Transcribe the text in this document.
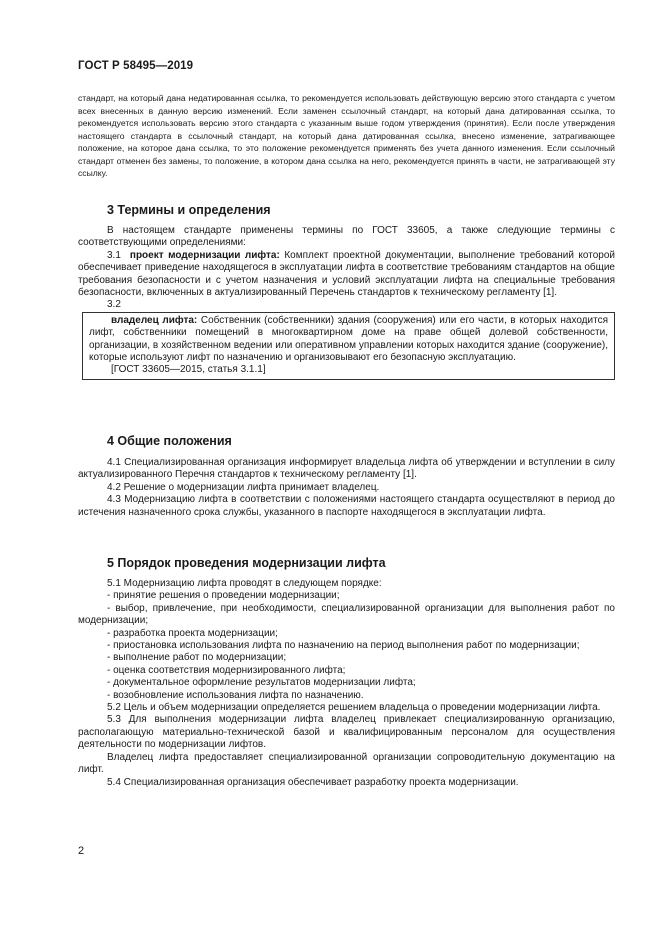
ГОСТ Р 58495—2019

стандарт, на который дана недатированная ссылка, то рекомендуется использовать действующую версию этого стандарта с учетом всех внесенных в данную версию изменений. Если заменен ссылочный стандарт, на который дана датированная ссылка, то рекомендуется использовать версию этого стандарта с указанным выше годом утверждения (принятия). Если после утверждения настоящего стандарта в ссылочный стандарт, на который дана датированная ссылка, внесено изменение, затрагивающее положение, на которое дана ссылка, то это положение рекомендуется применять без учета данного изменения. Если ссылочный стандарт отменен без замены, то положение, в котором дана ссылка на него, рекомендуется принять в части, не затрагивающей эту ссылку.

3 Термины и определения

В настоящем стандарте применены термины по ГОСТ 33605, а также следующие термины с соответствующими определениями:

3.1 проект модернизации лифта: Комплект проектной документации, выполнение требований которой обеспечивает приведение находящегося в эксплуатации лифта в соответствие требованиям стандартов на общие требования безопасности и с учетом назначения и условий эксплуатации лифта на специальные требования безопасности, включенных в актуализированный Перечень стандартов к техническому регламенту [1].

3.2

владелец лифта: Собственник (собственники) здания (сооружения) или его части, в которых находится лифт, собственники помещений в многоквартирном доме на праве общей долевой собственности, организации, в хозяйственном ведении или оперативном управлении которых находится здание (сооружение), которые используют лифт по назначению и организовывают его безопасную эксплуатацию.

[ГОСТ 33605—2015, статья 3.1.1]

4 Общие положения

4.1 Специализированная организация информирует владельца лифта об утверждении и вступлении в силу актуализированного Перечня стандартов к техническому регламенту [1].

4.2 Решение о модернизации лифта принимает владелец.

4.3 Модернизацию лифта в соответствии с положениями настоящего стандарта осуществляют в период до истечения назначенного срока службы, указанного в паспорте находящегося в эксплуатации лифта.

5 Порядок проведения модернизации лифта

5.1 Модернизацию лифта проводят в следующем порядке:

- принятие решения о проведении модернизации;

- выбор, привлечение, при необходимости, специализированной организации для выполнения работ по модернизации;

- разработка проекта модернизации;

- приостановка использования лифта по назначению на период выполнения работ по модернизации;

- выполнение работ по модернизации;

- оценка соответствия модернизированного лифта;

- документальное оформление результатов модернизации лифта;

- возобновление использования лифта по назначению.

5.2 Цель и объем модернизации определяется решением владельца о проведении модернизации лифта.

5.3 Для выполнения модернизации лифта владелец привлекает специализированную организацию, располагающую материально-технической базой и квалифицированным персоналом для осуществления деятельности по модернизации лифтов.

Владелец лифта предоставляет специализированной организации сопроводительную документацию на лифт.

5.4 Специализированная организация обеспечивает разработку проекта модернизации.

2
